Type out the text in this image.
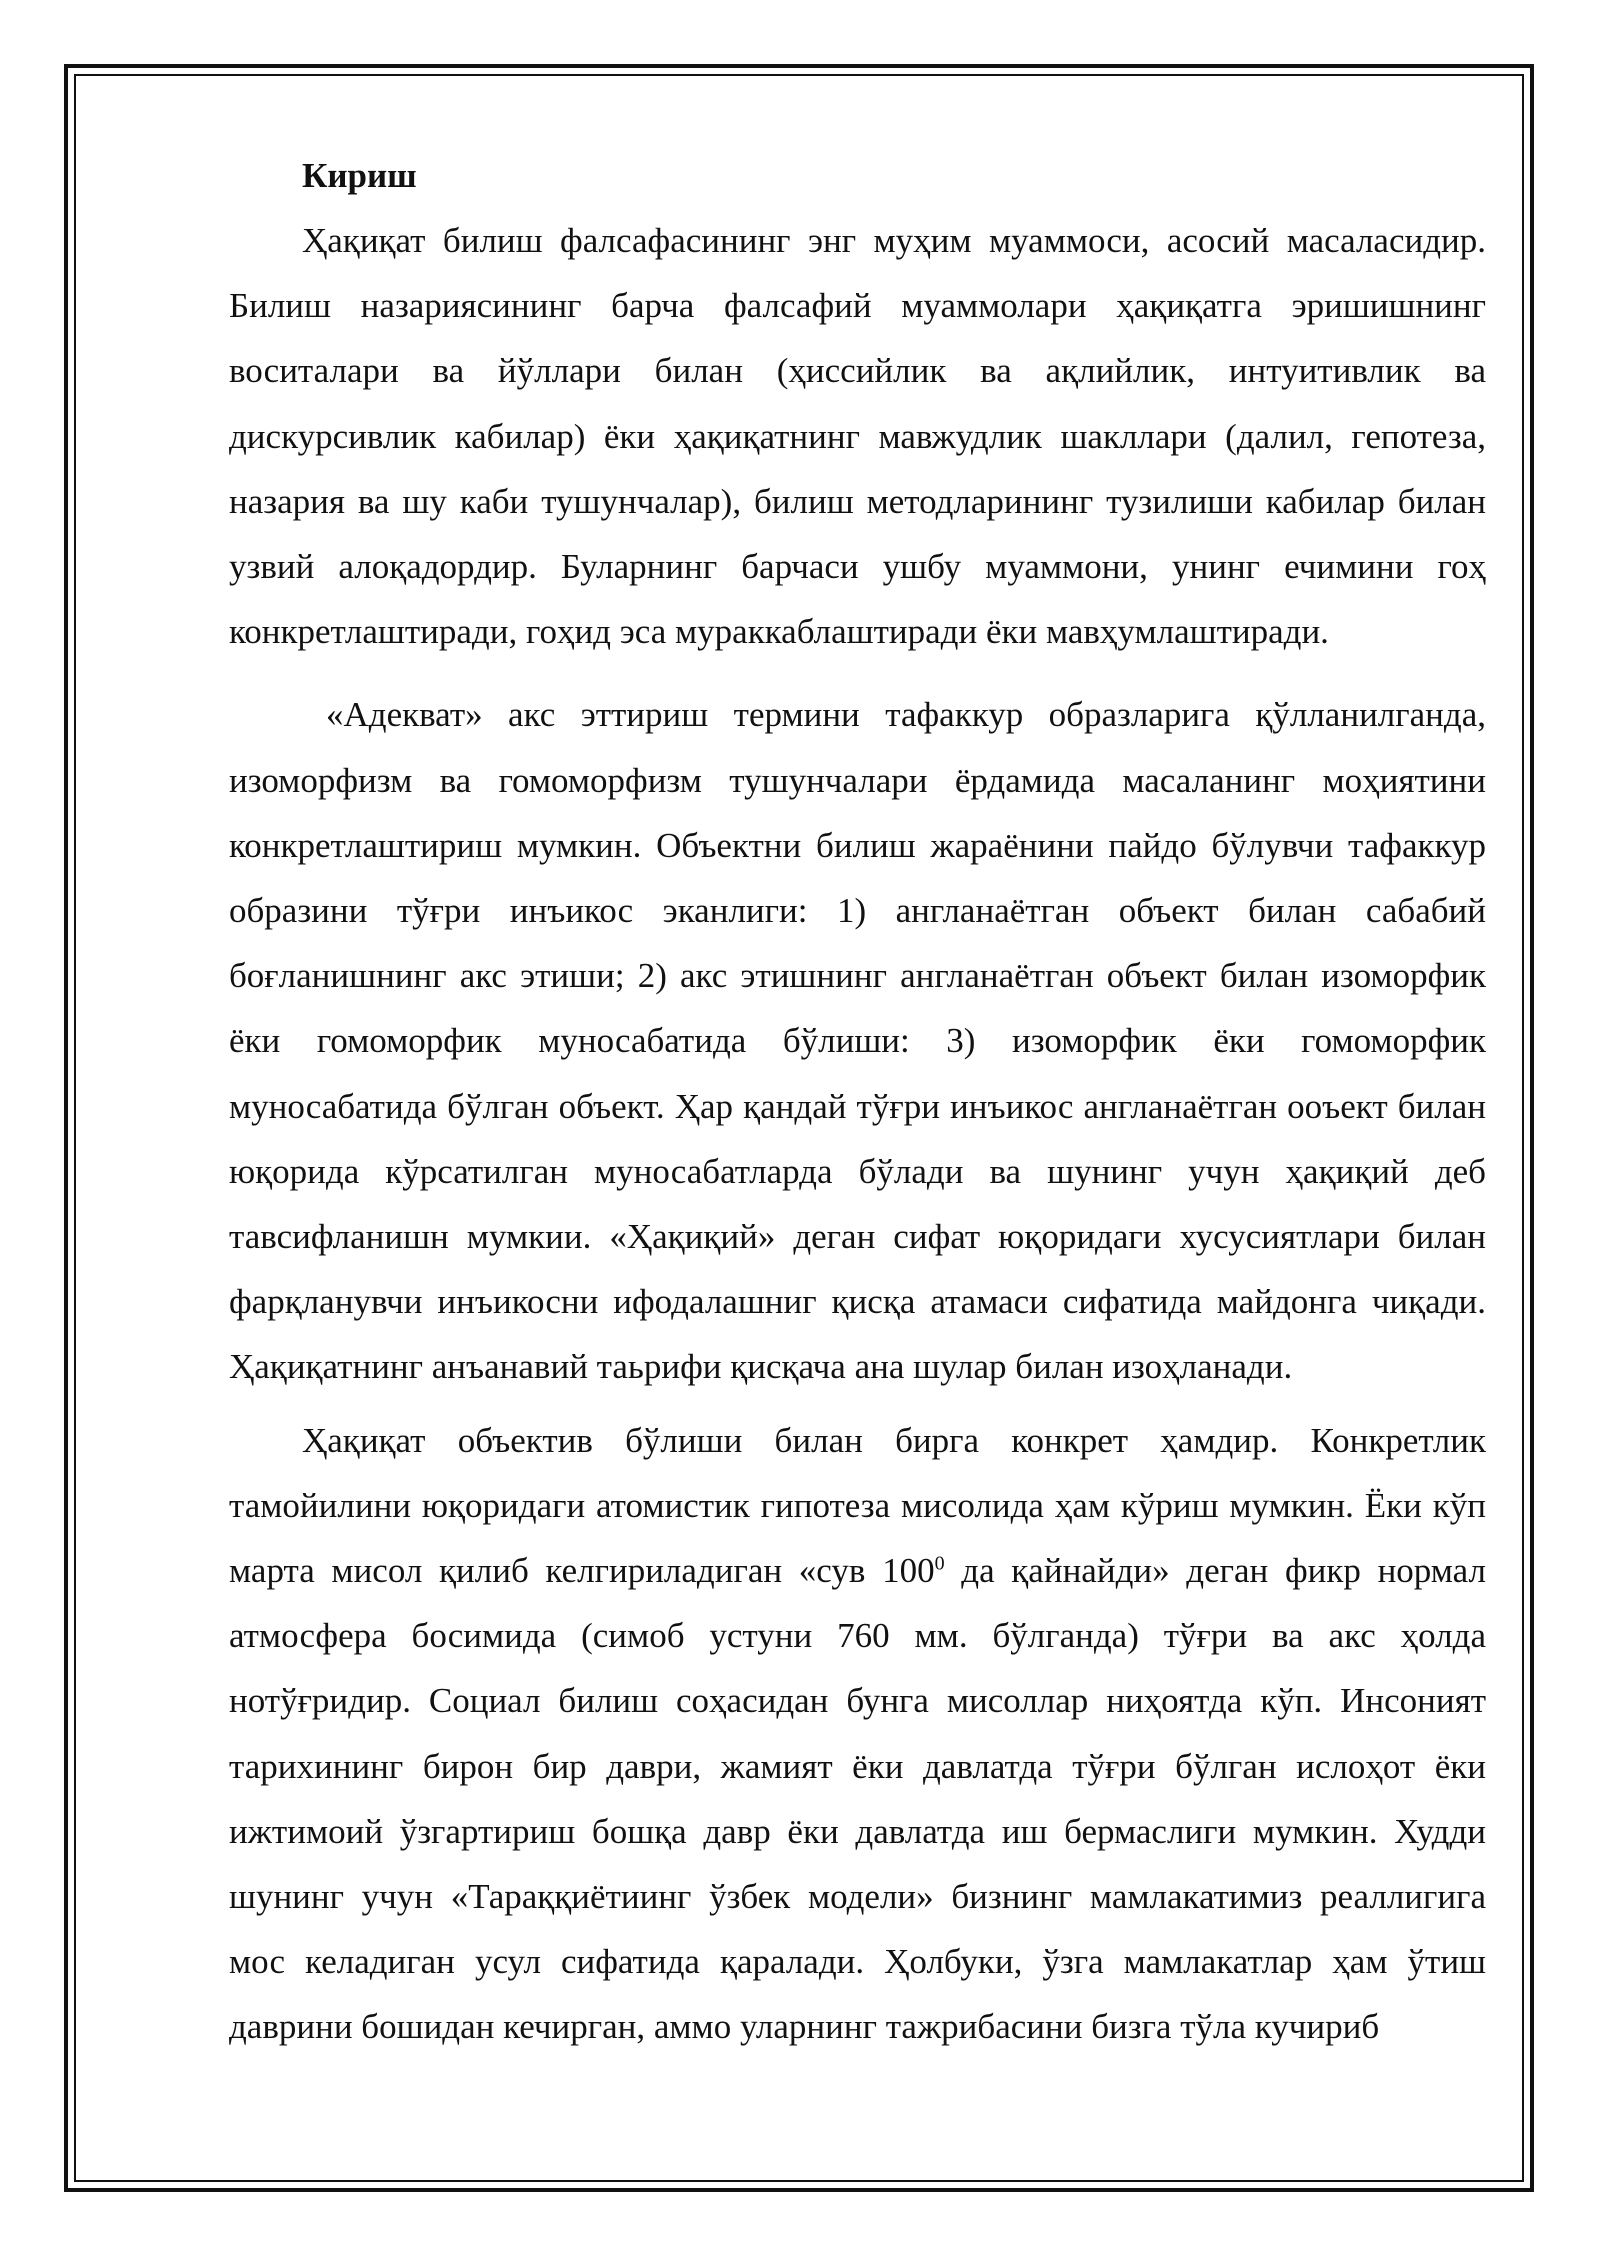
Кириш

Ҳақиқат билиш фалсафасининг энг муҳим муаммоси, асосий масаласидир. Билиш назариясининг барча фалсафий муаммолари ҳақиқатга эришишнинг воситалари ва йўллари билан (ҳиссийлик ва ақлийлик, интуитивлик ва дискурсивлик кабилар) ёки ҳақиқатнинг мавжудлик шакллари (далил, гепотеза, назария ва шу каби тушунчалар), билиш методларининг тузилиши кабилар билан узвий алоқадордир. Буларнинг барчаси ушбу муаммони, унинг ечимини гоҳ конкретлаштиради, гоҳид эса мураккаблаштиради ёки мавҳумлаштиради.

«Адекват» акс эттириш термини тафаккур образларига қўлланилганда, изоморфизм ва гомоморфизм тушунчалари ёрдамида масаланинг моҳиятини конкретлаштириш мумкин. Объектни билиш жараёнини пайдо бўлувчи тафаккур образини тўғри инъикос эканлиги: 1) англанаётган объект билан сабабий боғланишнинг акс этиши; 2) акс этишнинг англанаётган объект билан изоморфик ёки гомоморфик муносабатида бўлиши: 3) изоморфик ёки гомоморфик муносабатида бўлган объект. Ҳар қандай тўғри инъикос англанаётган ооъект билан юқорида кўрсатилган муносабатларда бўлади ва шунинг учун ҳақиқий деб тавсифланишн мумкии. «Ҳақиқий» деган сифат юқоридаги хусусиятлари билан фарқланувчи инъикосни ифодалашниг қисқа атамаси сифатида майдонга чиқади. Ҳақиқатнинг анъанавий таьрифи қисқача ана шулар билан изоҳланади.

Ҳақиқат объектив бўлиши билан бирга конкрет ҳамдир. Конкретлик тамойилини юқоридаги атомистик гипотеза мисолида ҳам кўриш мумкин. Ёки кўп марта мисол қилиб келгириладиган «сув $100^0$ да қайнайди» деган фикр нормал атмосфера босимида (симоб устуни 760 мм. бўлганда) тўғри ва акс ҳолда нотўғридир. Социал билиш соҳасидан бунга мисоллар ниҳоятда кўп. Инсоният тарихининг бирон бир даври, жамият ёки давлатда тўғри бўлган ислоҳот ёки ижтимоий ўзгартириш бошқа давр ёки давлатда иш бермаслиги мумкин. Худди шунинг учун «Тараққиётиинг ўзбек модели» бизнинг мамлакатимиз реаллигига мос келадиган усул сифатида қаралади. Ҳолбуки, ўзга мамлакатлар ҳам ўтиш даврини бошидан кечирган, аммо уларнинг тажрибасини бизга тўла кучириб
